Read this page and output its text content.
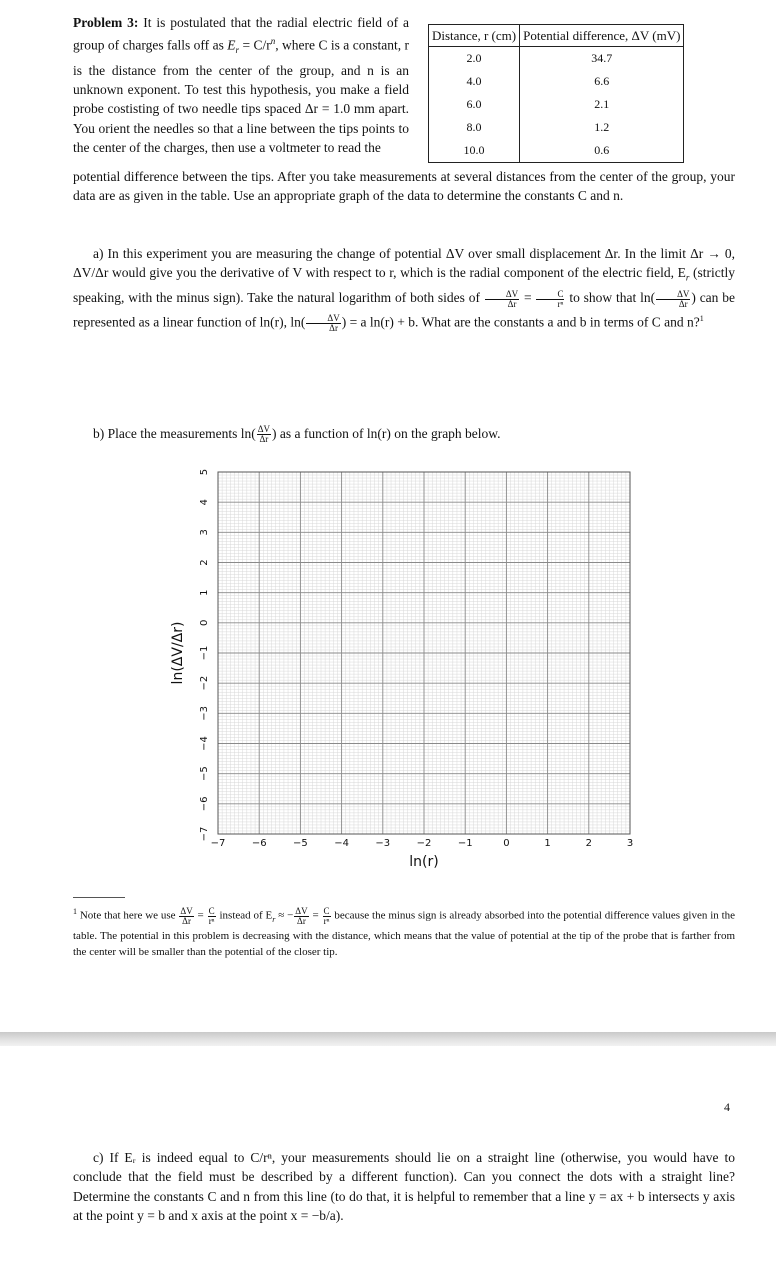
Problem 3: It is postulated that the radial electric field of a group of charges falls off as $E_r = C/r^n$, where C is a constant, r is the distance from the center of the group, and n is an unknown exponent. To test this hypothesis, you make a field probe costisting of two needle tips spaced Δr = 1.0 mm apart. You orient the needles so that a line between the tips points to the center of the charges, then use a voltmeter to read the
potential difference between the tips. After you take measurements at several distances from the center of the group, your data are as given in the table. Use an appropriate graph of the data to determine the constants C and n.
Distance, r (cm)	Potential difference, ΔV (mV)
2.0	34.7
4.0	6.6
6.0	2.1
8.0	1.2
10.0	0.6
a) In this experiment you are measuring the change of potential ΔV over small displacement Δr. In the limit Δr → 0, ΔV/Δr would give you the derivative of V with respect to r, which is the radial component of the electric field, $E_r$ (strictly speaking, with the minus sign). Take the natural logarithm of both sides of $\frac{\Delta V}{\Delta r} = \frac{C}{\text{rⁿ}}$ to show that $\ln( \frac{\Delta V}{\Delta r}$ ) can be represented as a linear function of ln(r), $\ln( \frac{\Delta V}{\Delta r}$ ) = a ln(r) + b. What are the constants a and b in terms of C and n?$^1$
b) Place the measurements $\ln( \frac{\Delta V}{\Delta r}$ ) as a function of ln(r) on the graph below.
5
4
3
2
1
0
−1
−2
−3
−4
−5
−6
−7
−7	−6	−5	−4	−3	−2	−1	0	1	2	3
ln(r)
ln(ΔV/Δr)
$^1$ Note that here we use $\frac{\Delta V}{\Delta r} = \frac{C}{\text{rⁿ}}$ instead of $E_r$ ≈ − $\frac{\Delta V}{\Delta r} = \frac{C}{\text{rⁿ}}$ because the minus sign is already absorbed into the potential difference values given in the table. The potential in this problem is decreasing with the distance, which means that the value of potential at the tip of the probe that is farther from the center will be smaller than the potential of the closer tip.
4
c) If Eᵣ is indeed equal to C/rⁿ, your measurements should lie on a straight line (otherwise, you would have to conclude that the field must be described by a different function). Can you connect the dots with a straight line? Determine the constants C and n from this line (to do that, it is helpful to remember that a line y = ax + b intersects y axis at the point y = b and x axis at the point x = −b/a).
